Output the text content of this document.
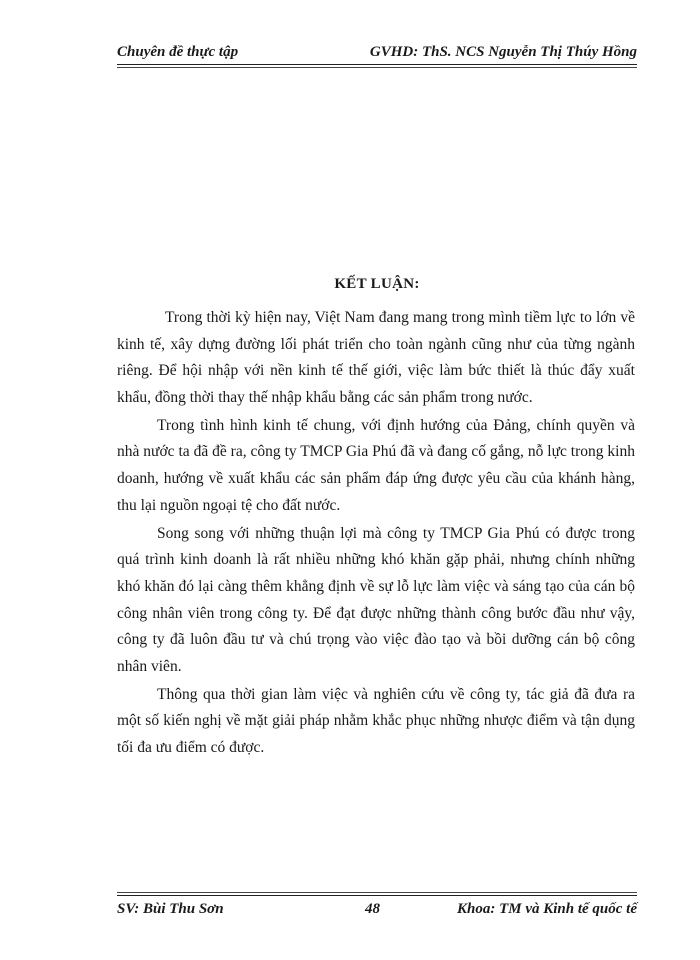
Chuyên đề thực tập	GVHD: ThS. NCS Nguyễn Thị Thúy Hồng
KẾT LUẬN:

Trong thời kỳ hiện nay, Việt Nam đang mang trong mình tiềm lực to lớn về kinh tế, xây dựng đường lối phát triển cho toàn ngành cũng như của từng ngành riêng. Để hội nhập với nền kinh tế thế giới, việc làm bức thiết là thúc đẩy xuất khẩu, đồng thời thay thế nhập khẩu bằng các sản phẩm trong nước.

Trong tình hình kinh tế chung, với định hướng của Đảng, chính quyền và nhà nước ta đã đề ra, công ty TMCP Gia Phú đã và đang cố gắng, nỗ lực trong kinh doanh, hướng về xuất khẩu các sản phẩm đáp ứng được yêu cầu của khánh hàng, thu lại nguồn ngoại tệ cho đất nước.

Song song với những thuận lợi mà công ty TMCP Gia Phú có được trong quá trình kinh doanh là rất nhiều những khó khăn gặp phải, nhưng chính những khó khăn đó lại càng thêm khẳng định về sự lỗ lực làm việc và sáng tạo của cán bộ công nhân viên trong công ty. Để đạt được những thành công bước đầu như vậy, công ty đã luôn đầu tư và chú trọng vào việc đào tạo và bồi dưỡng cán bộ công nhân viên.

Thông qua thời gian làm việc và nghiên cứu về công ty, tác giả đã đưa ra một số kiến nghị về mặt giải pháp nhằm khắc phục những nhược điểm và tận dụng tối đa ưu điểm có được.

SV: Bùi Thu Sơn	48	Khoa: TM và Kinh tế quốc tế
